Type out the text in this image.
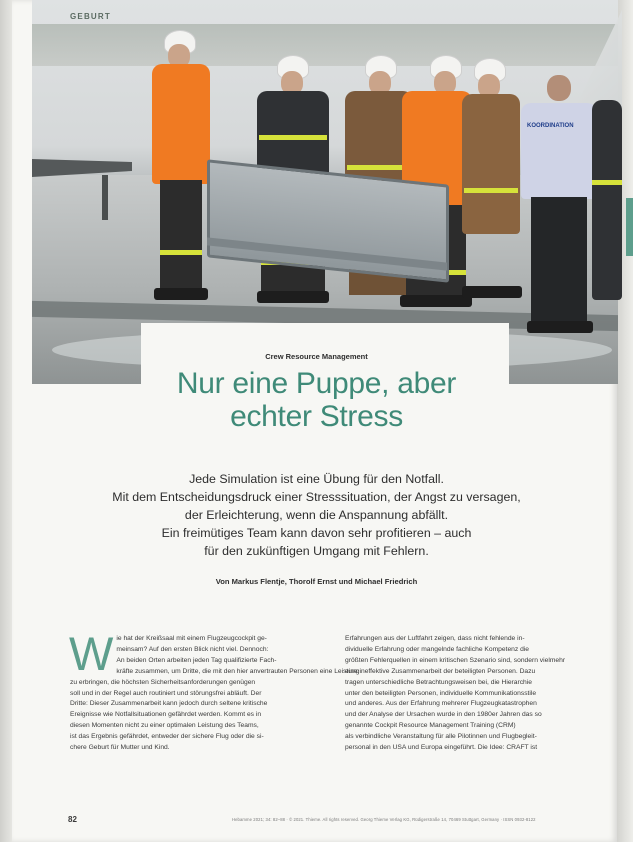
KOORDINATION
GEBURT
Crew Resource Management
Nur eine Puppe, aber
echter Stress
Jede Simulation ist eine Übung für den Notfall.
Mit dem Entscheidungsdruck einer Stresssituation, der Angst zu versagen,
der Erleichterung, wenn die Anspannung abfällt.
Ein freimütiges Team kann davon sehr profitieren – auch
für den zukünftigen Umgang mit Fehlern.
Von Markus Flentje, Thorolf Ernst und Michael Friedrich
W ie hat der Kreißsaal mit einem Flugzeugcockpit ge-
meinsam? Auf den ersten Blick nicht viel. Dennoch:
An beiden Orten arbeiten jeden Tag qualifizierte Fach-
kräfte zusammen, um Dritte, die mit den hier anvertrauten Personen eine Leistung
zu erbringen, die höchsten Sicherheitsanforderungen genügen
soll und in der Regel auch routiniert und störungsfrei abläuft. Der
Dritte: Dieser Zusammenarbeit kann jedoch durch seltene kritische
Ereignisse wie Notfallsituationen gefährdet werden. Kommt es in
diesen Momenten nicht zu einer optimalen Leistung des Teams,
ist das Ergebnis gefährdet, entweder der sichere Flug oder die si-
chere Geburt für Mutter und Kind.
Erfahrungen aus der Luftfahrt zeigen, dass nicht fehlende in-
dividuelle Erfahrung oder mangelnde fachliche Kompetenz die
größten Fehlerquellen in einem kritischen Szenario sind, sondern vielmehr
eine ineffektive Zusammenarbeit der beteiligten Personen. Dazu
tragen unterschiedliche Betrachtungsweisen bei, die Hierarchie
unter den beteiligten Personen, individuelle Kommunikationsstile
und anderes. Aus der Erfahrung mehrerer Flugzeugkatastrophen
und der Analyse der Ursachen wurde in den 1980er Jahren das so
genannte Cockpit Resource Management Training (CRM)
als verbindliche Veranstaltung für alle Pilotinnen und Flugbegleit-
personal in den USA und Europa eingeführt. Die Idee: CRAFT ist
82	Hebamme 2021; 34: 82–88 · © 2021. Thieme. All rights reserved. Georg Thieme Verlag KG, Rüdigerstraße 14, 70469 Stuttgart, Germany · ISSN 0932-8122
